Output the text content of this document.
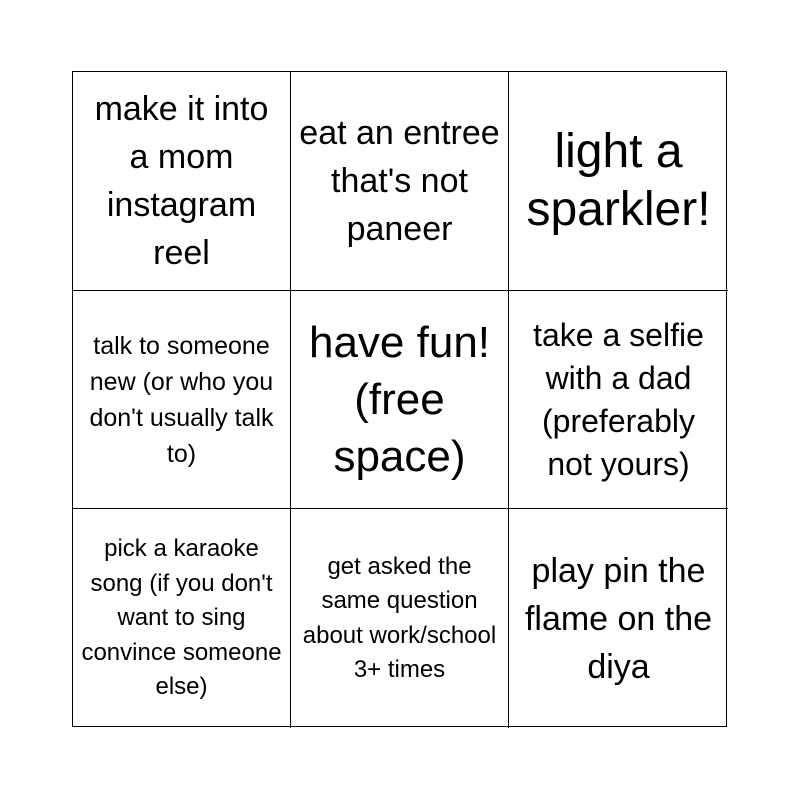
make it into a mom instagram reel
eat an entree that's not paneer
light a sparkler!
talk to someone new (or who you don't usually talk to)
have fun! (free space)
take a selfie with a dad (preferably not yours)
pick a karaoke song (if you don't want to sing convince someone else)
get asked the same question about work/school 3+ times
play pin the flame on the diya
